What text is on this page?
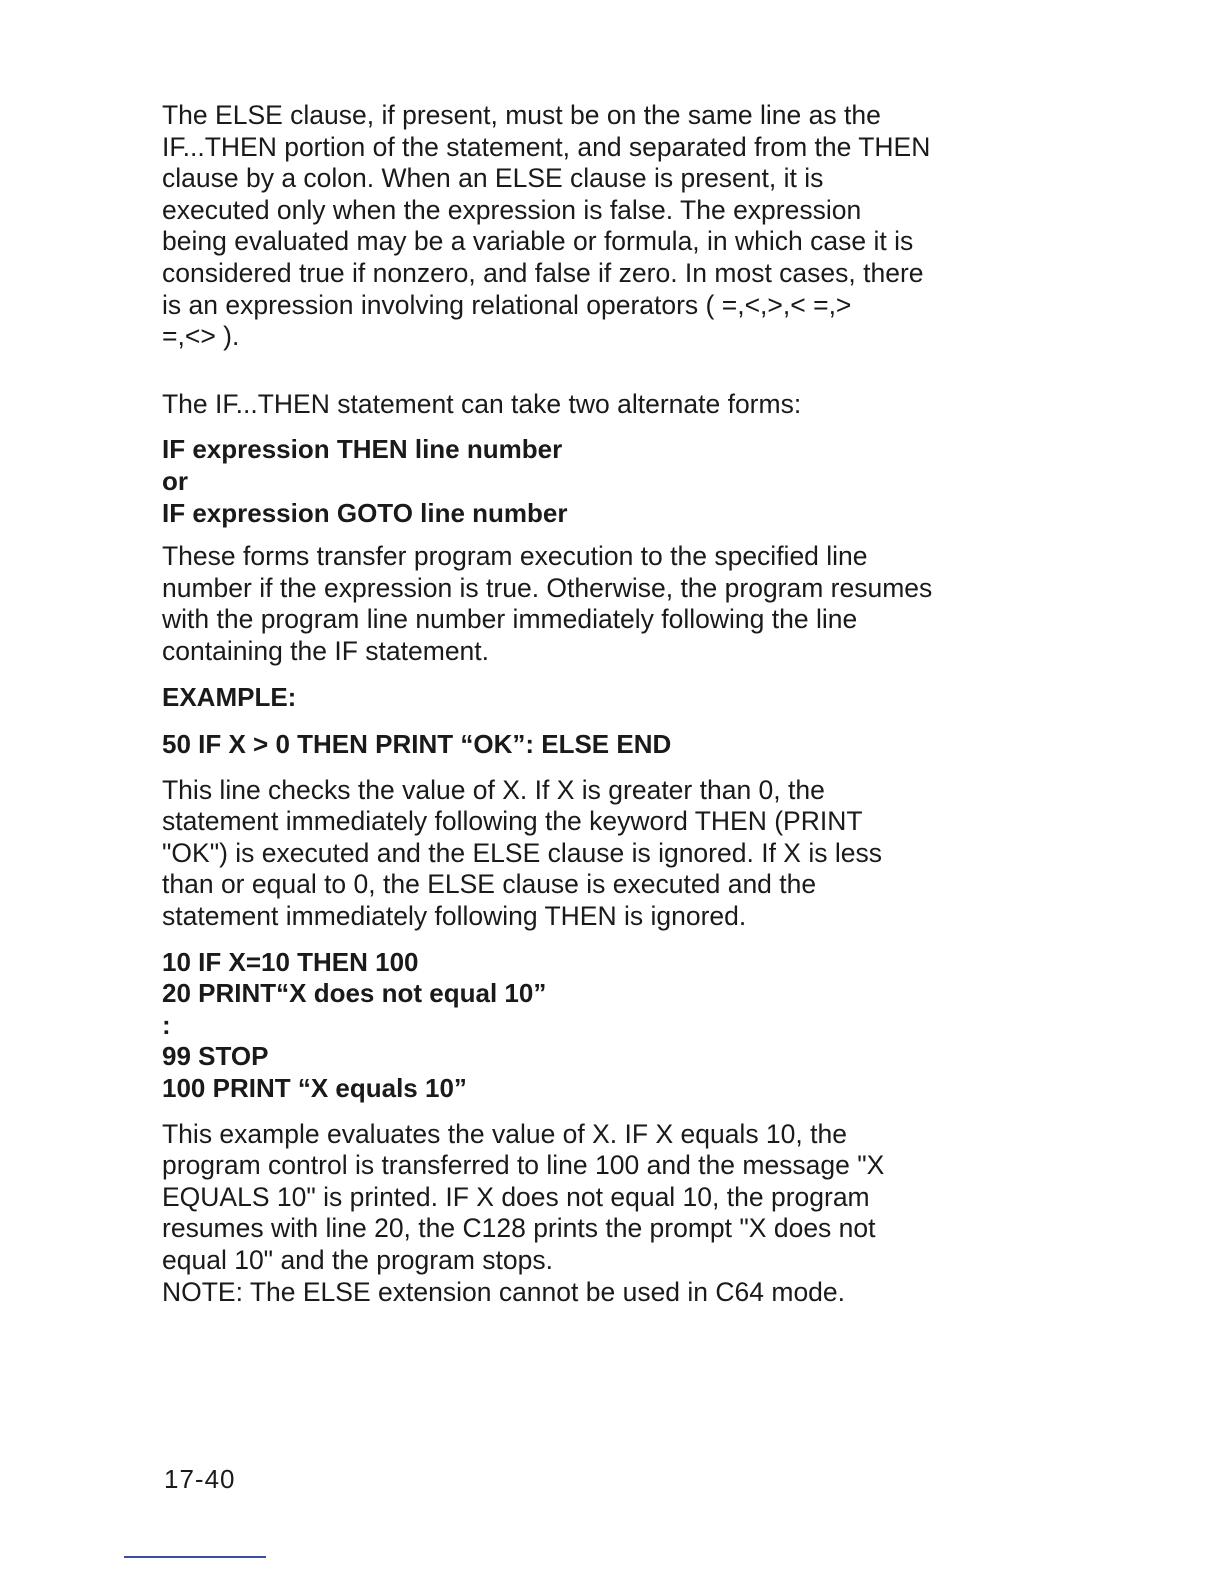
The ELSE clause, if present, must be on the same line as the
IF...THEN portion of the statement, and separated from the THEN
clause by a colon. When an ELSE clause is present, it is
executed only when the expression is false. The expression
being evaluated may be a variable or formula, in which case it is
considered true if nonzero, and false if zero. In most cases, there
is an expression involving relational operators ( =,<,>,< =,>
=,<> ).

The IF...THEN statement can take two alternate forms:

IF expression THEN line number
or
IF expression GOTO line number

These forms transfer program execution to the specified line
number if the expression is true. Otherwise, the program resumes
with the program line number immediately following the line
containing the IF statement.

EXAMPLE:
50 IF X > 0 THEN PRINT “OK”: ELSE END

This line checks the value of X. If X is greater than 0, the
statement immediately following the keyword THEN (PRINT
"OK") is executed and the ELSE clause is ignored. If X is less
than or equal to 0, the ELSE clause is executed and the
statement immediately following THEN is ignored.

10 IF X=10 THEN 100
20 PRINT“X does not equal 10”
:
99 STOP
100 PRINT “X equals 10”

This example evaluates the value of X. IF X equals 10, the
program control is transferred to line 100 and the message "X
EQUALS 10" is printed. IF X does not equal 10, the program
resumes with line 20, the C128 prints the prompt "X does not
equal 10" and the program stops.
NOTE: The ELSE extension cannot be used in C64 mode.

17-40
